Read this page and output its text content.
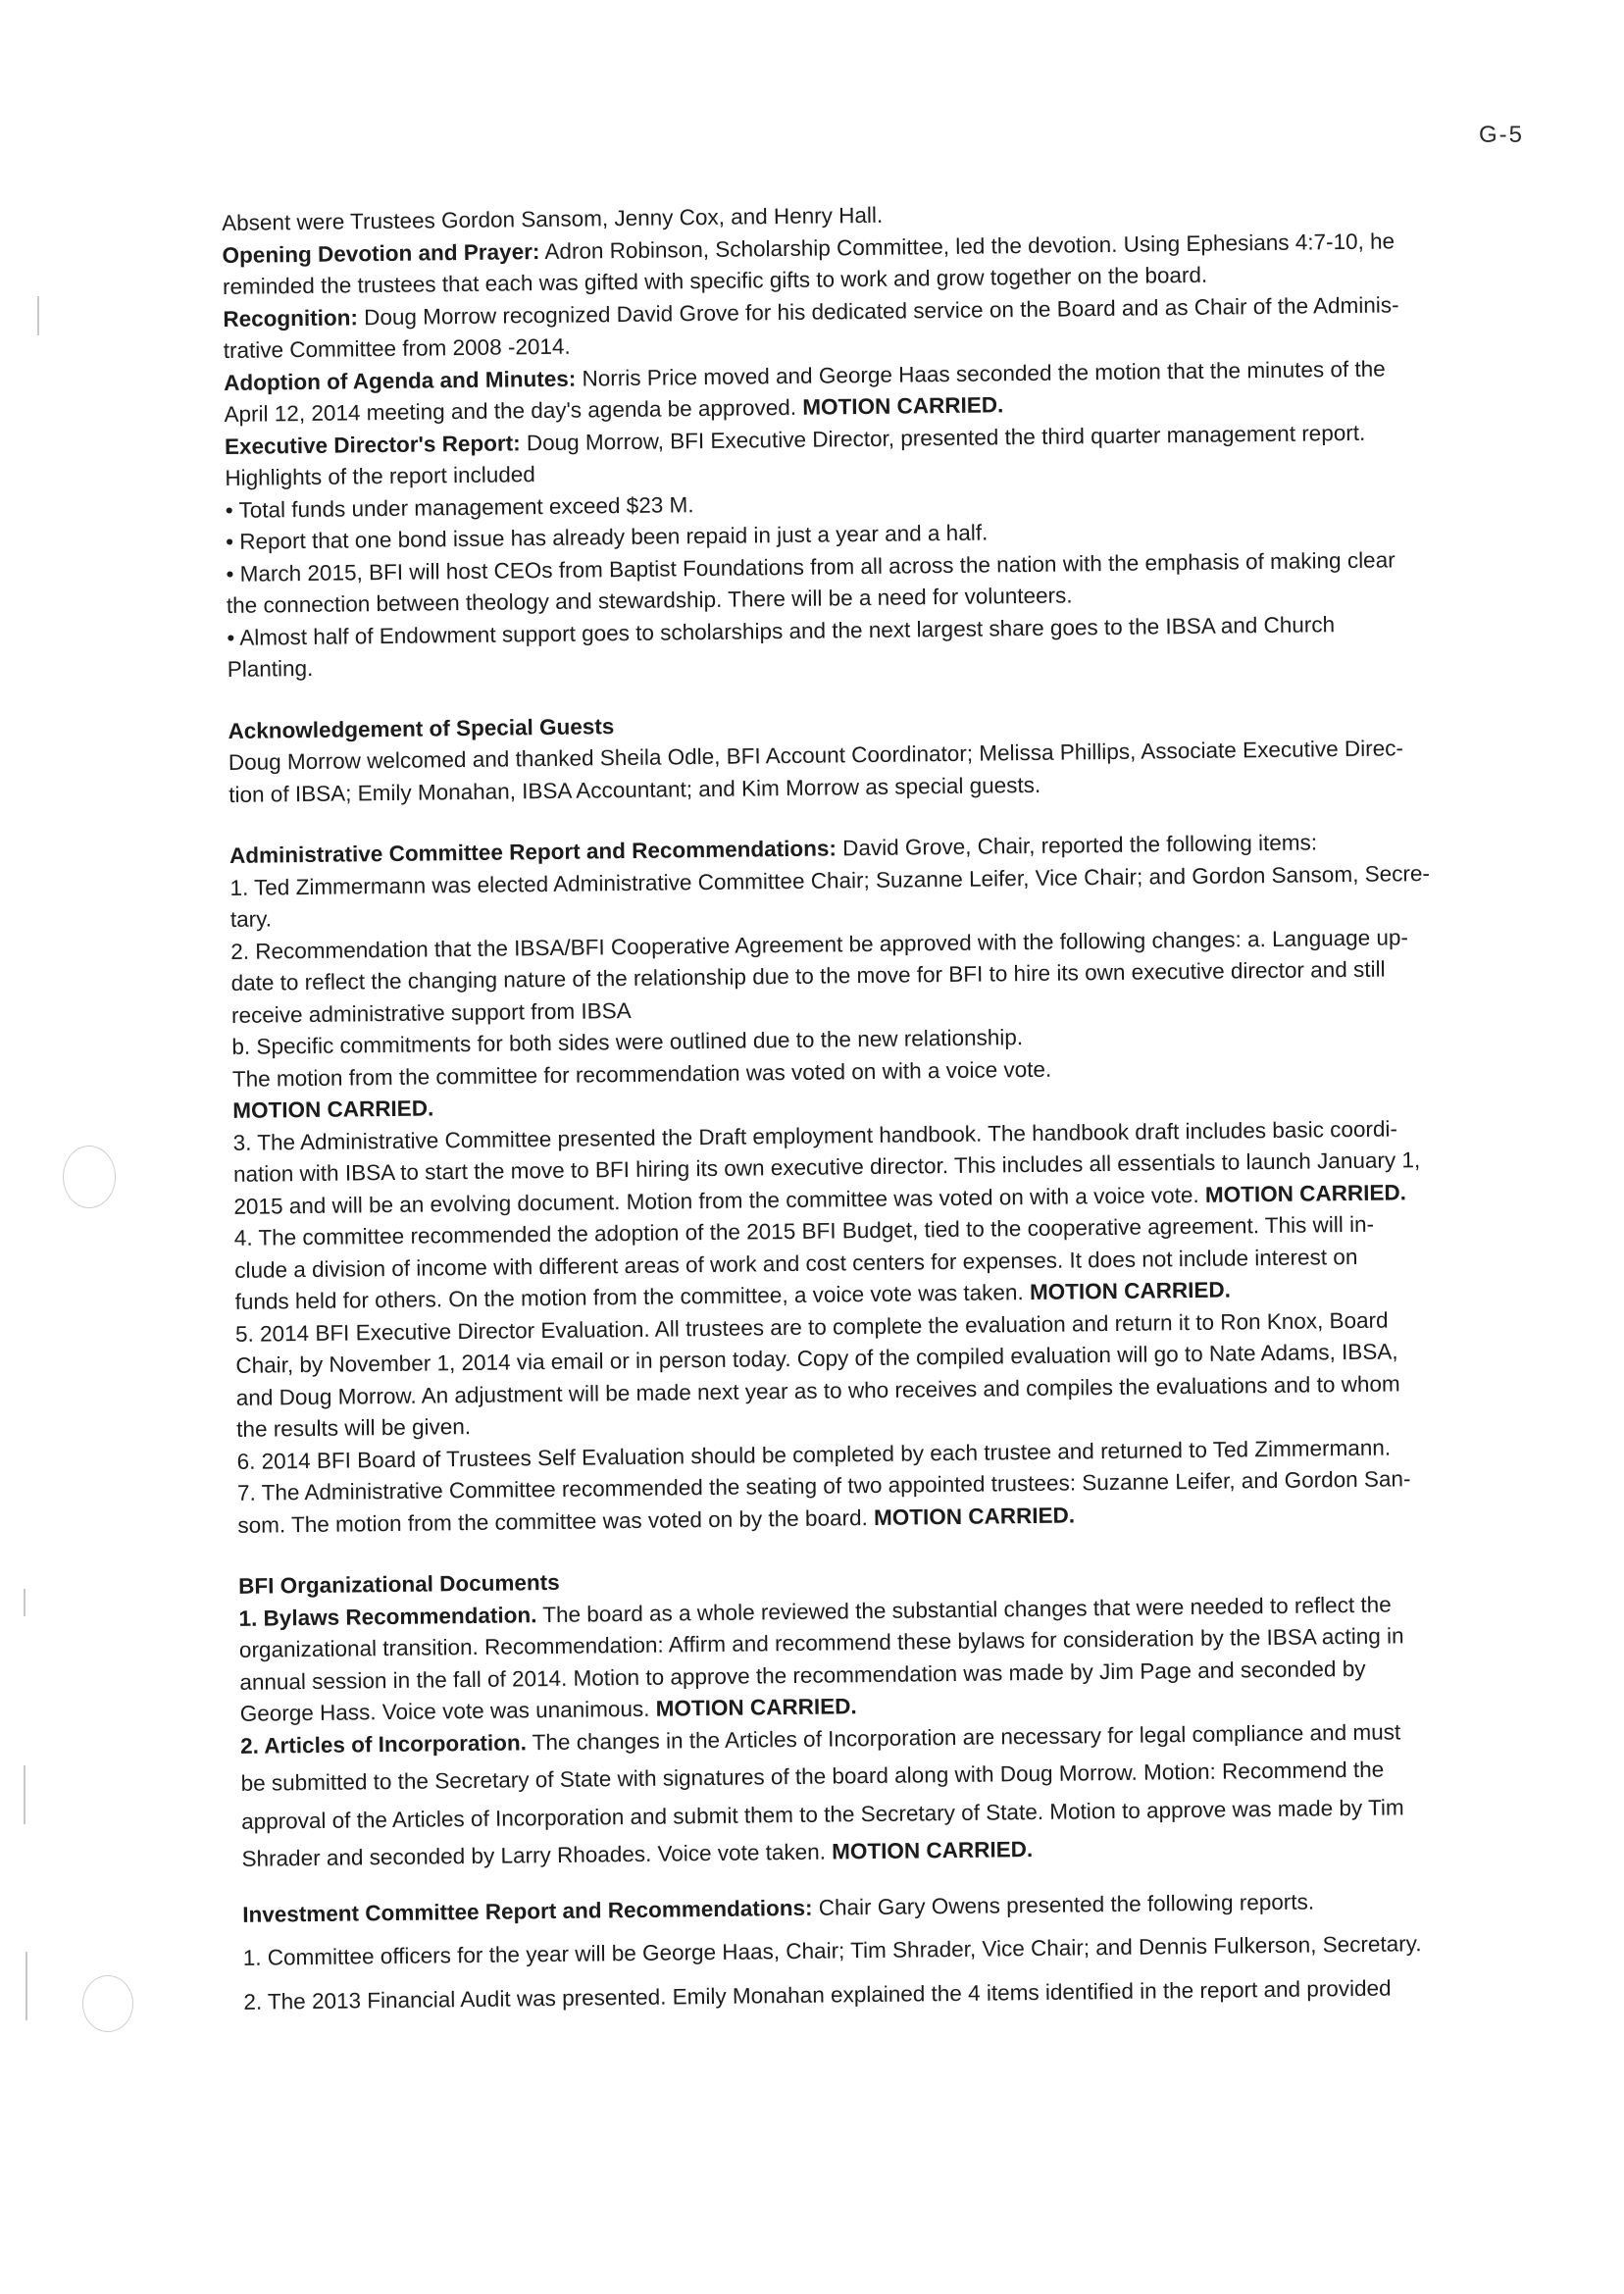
G-5
Absent were Trustees Gordon Sansom, Jenny Cox, and Henry Hall.
Opening Devotion and Prayer: Adron Robinson, Scholarship Committee, led the devotion. Using Ephesians 4:7-10, he
reminded the trustees that each was gifted with specific gifts to work and grow together on the board.
Recognition: Doug Morrow recognized David Grove for his dedicated service on the Board and as Chair of the Adminis-
trative Committee from 2008 -2014.
Adoption of Agenda and Minutes: Norris Price moved and George Haas seconded the motion that the minutes of the
April 12, 2014 meeting and the day's agenda be approved. MOTION CARRIED.
Executive Director's Report: Doug Morrow, BFI Executive Director, presented the third quarter management report.
Highlights of the report included
• Total funds under management exceed $23 M.
• Report that one bond issue has already been repaid in just a year and a half.
• March 2015, BFI will host CEOs from Baptist Foundations from all across the nation with the emphasis of making clear
the connection between theology and stewardship. There will be a need for volunteers.
• Almost half of Endowment support goes to scholarships and the next largest share goes to the IBSA and Church
Planting.
Acknowledgement of Special Guests
Doug Morrow welcomed and thanked Sheila Odle, BFI Account Coordinator; Melissa Phillips, Associate Executive Direc-
tion of IBSA; Emily Monahan, IBSA Accountant; and Kim Morrow as special guests.
Administrative Committee Report and Recommendations: David Grove, Chair, reported the following items:
1. Ted Zimmermann was elected Administrative Committee Chair; Suzanne Leifer, Vice Chair; and Gordon Sansom, Secre-
tary.
2. Recommendation that the IBSA/BFI Cooperative Agreement be approved with the following changes: a. Language up-
date to reflect the changing nature of the relationship due to the move for BFI to hire its own executive director and still
receive administrative support from IBSA
b. Specific commitments for both sides were outlined due to the new relationship.
The motion from the committee for recommendation was voted on with a voice vote.
MOTION CARRIED.
3. The Administrative Committee presented the Draft employment handbook. The handbook draft includes basic coordi-
nation with IBSA to start the move to BFI hiring its own executive director. This includes all essentials to launch January 1,
2015 and will be an evolving document. Motion from the committee was voted on with a voice vote. MOTION CARRIED.
4. The committee recommended the adoption of the 2015 BFI Budget, tied to the cooperative agreement. This will in-
clude a division of income with different areas of work and cost centers for expenses. It does not include interest on
funds held for others. On the motion from the committee, a voice vote was taken. MOTION CARRIED.
5. 2014 BFI Executive Director Evaluation. All trustees are to complete the evaluation and return it to Ron Knox, Board
Chair, by November 1, 2014 via email or in person today. Copy of the compiled evaluation will go to Nate Adams, IBSA,
and Doug Morrow. An adjustment will be made next year as to who receives and compiles the evaluations and to whom
the results will be given.
6. 2014 BFI Board of Trustees Self Evaluation should be completed by each trustee and returned to Ted Zimmermann.
7. The Administrative Committee recommended the seating of two appointed trustees: Suzanne Leifer, and Gordon San-
som. The motion from the committee was voted on by the board. MOTION CARRIED.
BFI Organizational Documents
1. Bylaws Recommendation. The board as a whole reviewed the substantial changes that were needed to reflect the
organizational transition. Recommendation: Affirm and recommend these bylaws for consideration by the IBSA acting in
annual session in the fall of 2014. Motion to approve the recommendation was made by Jim Page and seconded by
George Hass. Voice vote was unanimous. MOTION CARRIED.
2. Articles of Incorporation. The changes in the Articles of Incorporation are necessary for legal compliance and must
be submitted to the Secretary of State with signatures of the board along with Doug Morrow. Motion: Recommend the
approval of the Articles of Incorporation and submit them to the Secretary of State. Motion to approve was made by Tim
Shrader and seconded by Larry Rhoades. Voice vote taken. MOTION CARRIED.
Investment Committee Report and Recommendations: Chair Gary Owens presented the following reports.
1. Committee officers for the year will be George Haas, Chair; Tim Shrader, Vice Chair; and Dennis Fulkerson, Secretary.
2. The 2013 Financial Audit was presented. Emily Monahan explained the 4 items identified in the report and provided
